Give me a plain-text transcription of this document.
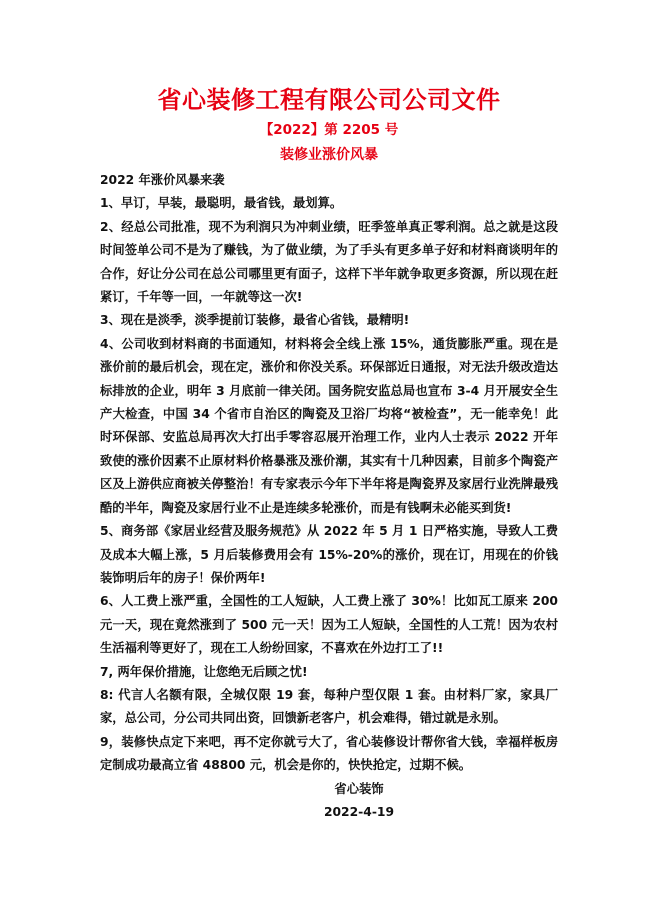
省心装修工程有限公司公司文件
【2022】第 2205 号
装修业涨价风暴

2022 年涨价风暴来袭

1、早订，早装，最聪明，最省钱，最划算。

2、经总公司批准，现不为利润只为冲刺业绩，旺季签单真正零利润。总之就是这段时间签单公司不是为了赚钱，为了做业绩，为了手头有更多单子好和材料商谈明年的合作，好让分公司在总公司哪里更有面子，这样下半年就争取更多资源，所以现在赶紧订，千年等一回，一年就等这一次!

3、现在是淡季，淡季提前订装修，最省心省钱，最精明!

4、公司收到材料商的书面通知，材料将会全线上涨 15%，通货膨胀严重。现在是涨价前的最后机会，现在定，涨价和你没关系。环保部近日通报，对无法升级改造达标排放的企业，明年 3 月底前一律关闭。国务院安监总局也宣布 3-4 月开展安全生产大检查，中国 34 个省市自治区的陶瓷及卫浴厂均将“被检查”，无一能幸免！此时环保部、安监总局再次大打出手零容忍展开治理工作，业内人士表示 2022 开年致使的涨价因素不止原材料价格暴涨及涨价潮，其实有十几种因素，目前多个陶瓷产区及上游供应商被关停整治！有专家表示今年下半年将是陶瓷界及家居行业洗牌最残酷的半年，陶瓷及家居行业不止是连续多轮涨价，而是有钱啊未必能买到货!

5、商务部《家居业经营及服务规范》从 2022 年 5 月 1 日严格实施，导致人工费及成本大幅上涨，5 月后装修费用会有 15%-20%的涨价，现在订，用现在的价钱装饰明后年的房子！保价两年!

6、人工费上涨严重，全国性的工人短缺，人工费上涨了 30%！比如瓦工原来 200 元一天，现在竟然涨到了 500 元一天！因为工人短缺，全国性的人工荒！因为农村生活福利等更好了，现在工人纷纷回家，不喜欢在外边打工了!!

7, 两年保价措施，让您绝无后顾之忧!

8: 代言人名额有限，全城仅限 19 套，每种户型仅限 1 套。由材料厂家，家具厂家，总公司，分公司共同出资，回馈新老客户，机会难得，错过就是永别。

9，装修快点定下来吧，再不定你就亏大了，省心装修设计帮你省大钱，幸福样板房定制成功最高立省 48800 元，机会是你的，快快抢定，过期不候。

省心装饰
2022-4-19
